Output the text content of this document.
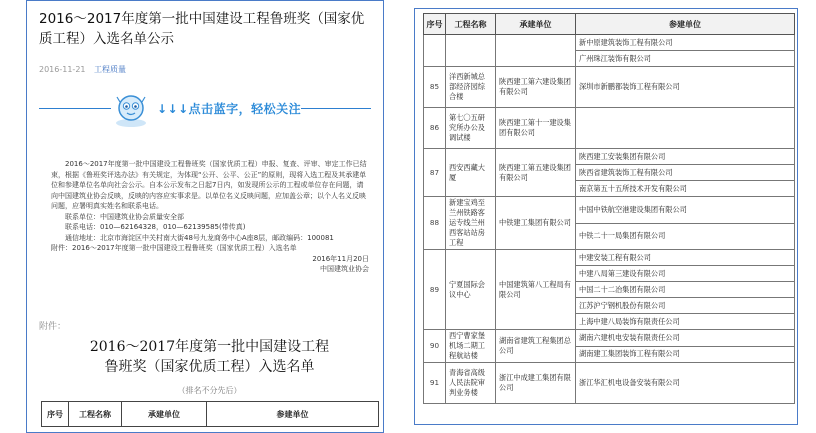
2016～2017年度第一批中国建设工程鲁班奖（国家优质工程）入选名单公示
2016-11-21 工程质量
↓↓↓点击蓝字，轻松关注

2016～2017年度第一批中国建设工程鲁班奖（国家优质工程）申报、复查、评审、审定工作已结束，根据《鲁班奖评选办法》有关规定，为体现“公开、公平、公正”的原则，现将入选工程及其承建单位和参建单位名单向社会公示。自本公示发布之日起7日内，如发现所公示的工程或单位存在问题，请向中国建筑业协会反映，反映的内容应实事求是。以单位名义反映问题，应加盖公章；以个人名义反映问题，应署明真实姓名和联系电话。

联系单位：中国建筑业协会质量安全部

联系电话：010—62164328，010—62139585(带传真)

通信地址：北京市海淀区中关村南大街48号九龙商务中心A座8层，邮政编码：100081

附件：2016～2017年度第一批中国建设工程鲁班奖（国家优质工程）入选名单

2016年11月20日

中国建筑业协会

附件：
2016～2017年度第一批中国建设工程
鲁班奖（国家优质工程）入选名单
（排名不分先后）
序号	工程名称	承建单位	参建单位
序号	工程名称	承建单位	参建单位
			新中原建筑装饰工程有限公司
			广州珠江装饰有限公司
85	洋西新城总部经济园综合楼	陕西建工第六建设集团有限公司	深圳市新鹏都装饰工程有限公司
86	第七〇五研究所办公及调试楼	陕西建工第十一建设集团有限公司	
87	西安西藏大厦	陕西建工第五建设集团有限公司	陕西建工安装集团有限公司
			陕西省建筑装饰工程有限公司
			南京第五十五所技术开发有限公司
88	新建宝鸡至兰州铁路客运专线兰州西客站站房工程	中铁建工集团有限公司	中国中铁航空港建设集团有限公司
			中铁二十一局集团有限公司
89	宁夏国际会议中心	中国建筑第八工程局有限公司	中建安装工程有限公司
			中建八局第三建设有限公司
			中国二十二冶集团有限公司
			江苏沪宁钢机股份有限公司
			上海中建八局装饰有限责任公司
90	西宁曹家堡机场二期工程航站楼	湖南省建筑工程集团总公司	湖南六建机电安装有限责任公司
			湖南建工集团装饰工程有限公司
91	青海省高级人民法院审判业务楼	浙江中成建工集团有限公司	浙江华汇机电设备安装有限公司
